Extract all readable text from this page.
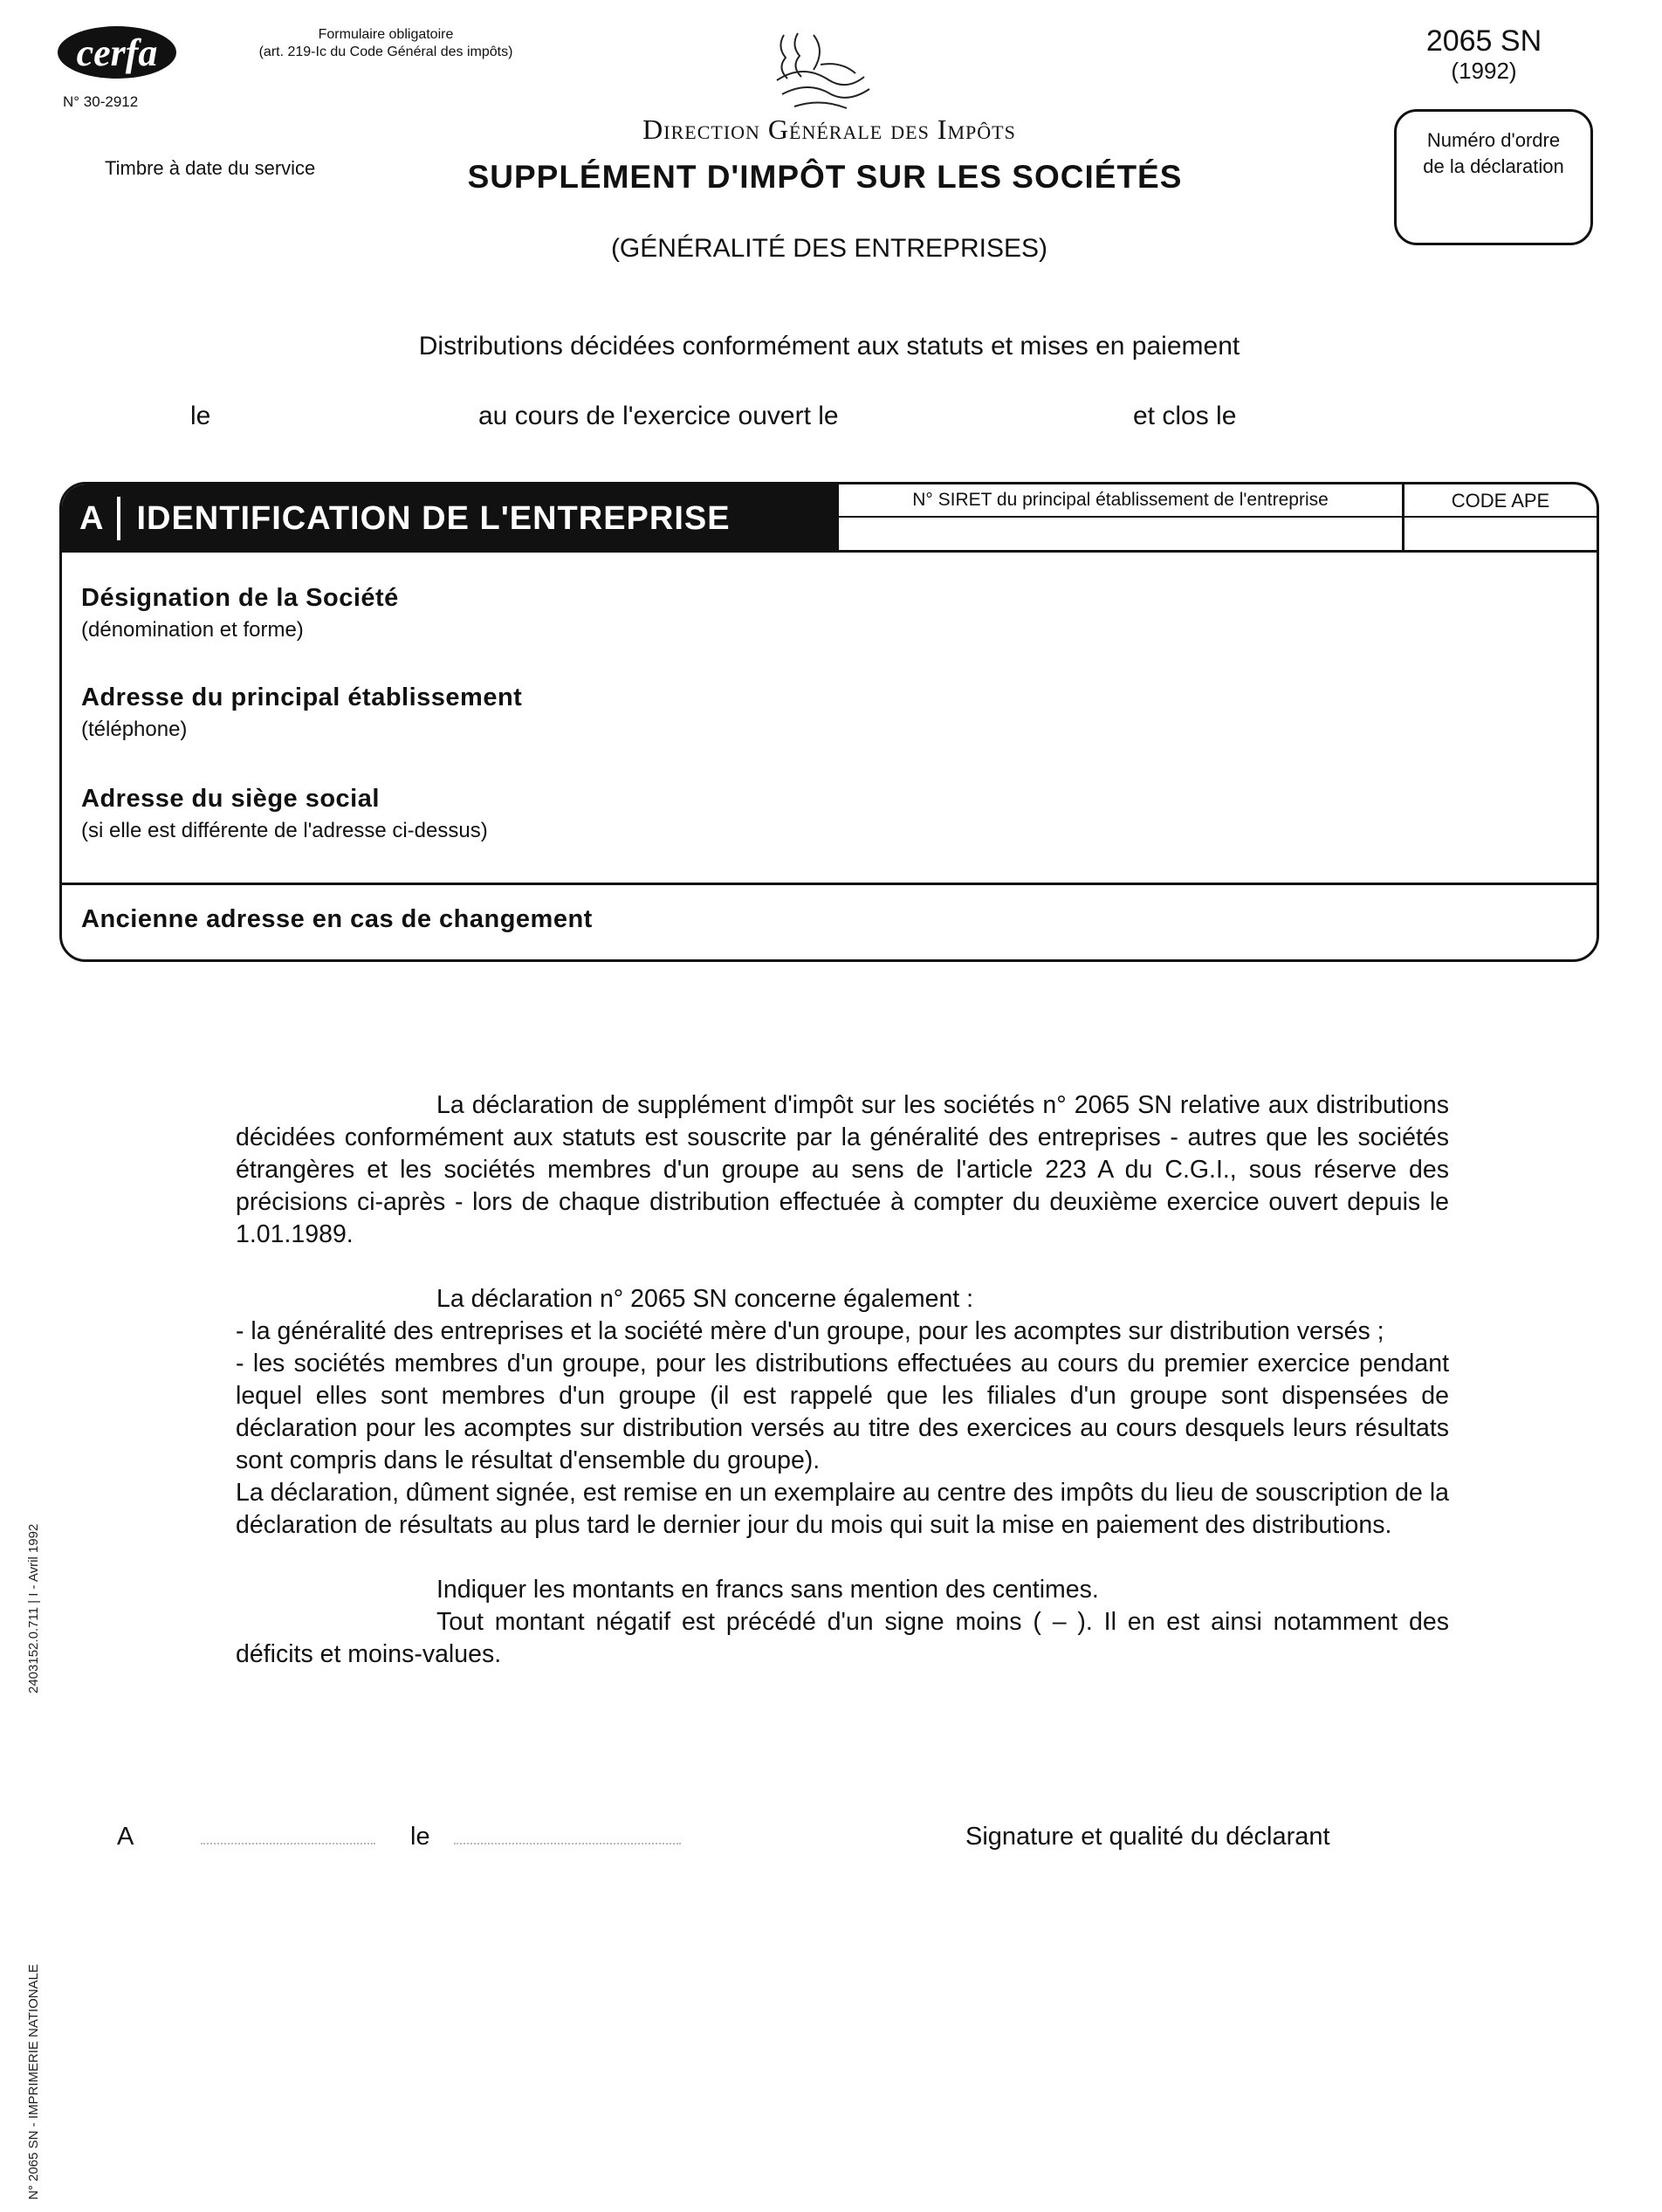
cerfa	Formulaire obligatoire
(art. 219-Ic du Code Général des impôts)
N° 30-2912
Timbre à date du service
2065 SN
(1992)
Numéro d'ordre
de la déclaration
Direction Générale des Impôts
SUPPLÉMENT D'IMPÔT SUR LES SOCIÉTÉS
(GÉNÉRALITÉ DES ENTREPRISES)
Distributions décidées conformément aux statuts et mises en paiement
le	au cours de l'exercice ouvert le	et clos le
A	IDENTIFICATION DE L'ENTREPRISE	N° SIRET du principal établissement de l'entreprise	CODE APE
Désignation de la Société
(dénomination et forme)
Adresse du principal établissement
(téléphone)
Adresse du siège social
(si elle est différente de l'adresse ci-dessus)
Ancienne adresse en cas de changement

La déclaration de supplément d'impôt sur les sociétés n° 2065 SN relative aux distributions décidées conformément aux statuts est souscrite par la généralité des entreprises - autres que les sociétés étrangères et les sociétés membres d'un groupe au sens de l'article 223 A du C.G.I., sous réserve des précisions ci-après - lors de chaque distribution effectuée à compter du deuxième exercice ouvert depuis le 1.01.1989.

La déclaration n° 2065 SN concerne également :

- la généralité des entreprises et la société mère d'un groupe, pour les acomptes sur distribution versés ;

- les sociétés membres d'un groupe, pour les distributions effectuées au cours du premier exercice pendant lequel elles sont membres d'un groupe (il est rappelé que les filiales d'un groupe sont dispensées de déclaration pour les acomptes sur distribution versés au titre des exercices au cours desquels leurs résultats sont compris dans le résultat d'ensemble du groupe).

La déclaration, dûment signée, est remise en un exemplaire au centre des impôts du lieu de souscription de la déclaration de résultats au plus tard le dernier jour du mois qui suit la mise en paiement des distributions.

Indiquer les montants en francs sans mention des centimes.

Tout montant négatif est précédé d'un signe moins ( – ). Il en est ainsi notamment des déficits et moins-values.

A	le	Signature et qualité du déclarant
2403152.0.711 | I - Avril 1992
N° 2065 SN - IMPRIMERIE NATIONALE
